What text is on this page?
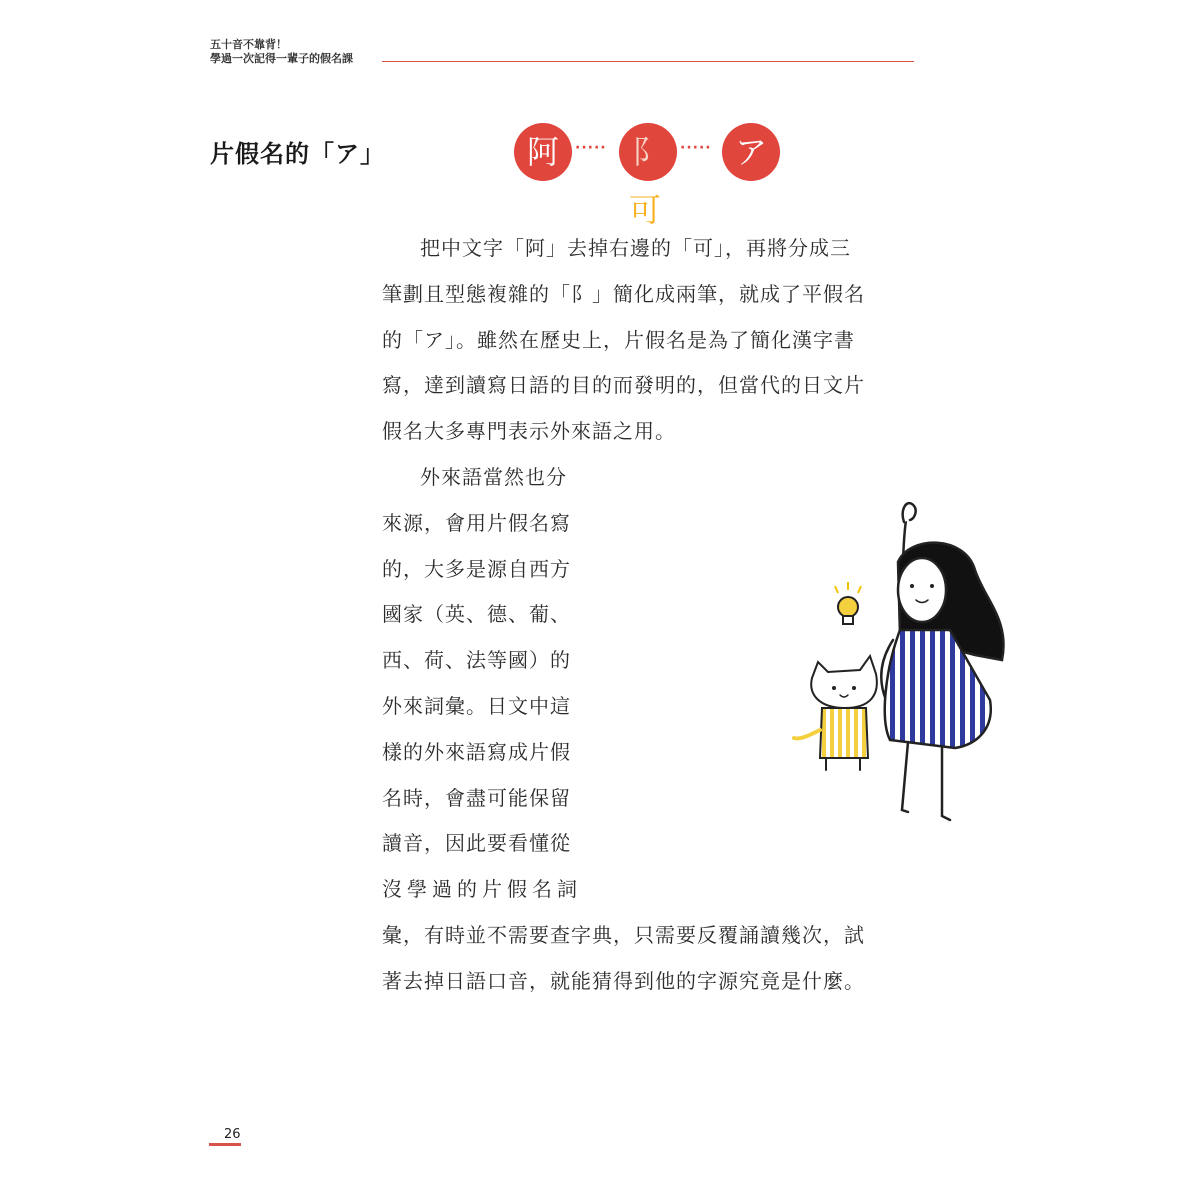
五十音不靠背！
學過一次記得一輩子的假名課
片假名的「ア」	阿	····· 阝可
····· ア
把中文字「阿」去掉右邊的「可」，再將分成三
筆劃且型態複雜的「阝」簡化成兩筆，就成了平假名
的「ア」。雖然在歷史上，片假名是為了簡化漢字書
寫，達到讀寫日語的目的而發明的，但當代的日文片
假名大多專門表示外來語之用。
外來語當然也分
來源，會用片假名寫
的，大多是源自西方
國家（英、德、葡、
西、荷、法等國）的
外來詞彙。日文中這
樣的外來語寫成片假
名時，會盡可能保留
讀音，因此要看懂從
沒學過的片假名詞
彙，有時並不需要查字典，只需要反覆誦讀幾次，試
著去掉日語口音，就能猜得到他的字源究竟是什麼。
26
